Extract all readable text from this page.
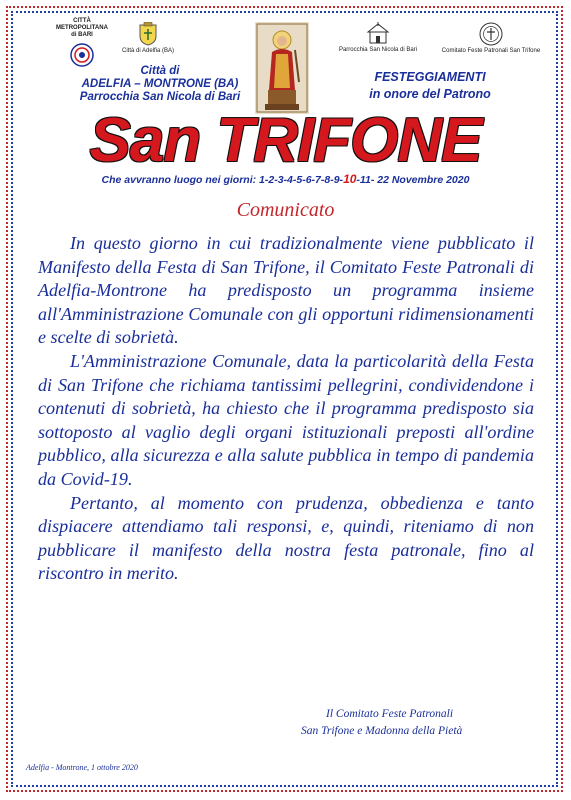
CITTÀ
METROPOLITANA
di BARI
Città di Adelfia (BA)	Parrocchia San Nicola di Bari	Comitato Feste Patronali San Trifone
Città di
ADELFIA – MONTRONE (BA)
Parrocchia San Nicola di Bari
FESTEGGIAMENTI
in onore del Patrono
San TRIFONE
Che avvranno luogo nei giorni: 1-2-3-4-5-6-7-8-9-10-11- 22 Novembre 2020
Comunicato

In questo giorno in cui tradizionalmente viene pubblicato il Manifesto della Festa di San Trifone, il Comitato Feste Patronali di Adelfia-Montrone ha predisposto un programma insieme all'Amministrazione Comunale con gli opportuni ridimensionamenti e scelte di sobrietà.

L'Amministrazione Comunale, data la particolarità della Festa di San Trifone che richiama tantissimi pellegrini, condividendone i contenuti di sobrietà, ha chiesto che il programma predisposto sia sottoposto al vaglio degli organi istituzionali preposti all'ordine pubblico, alla sicurezza e alla salute pubblica in tempo di pandemia da Covid-19.

Pertanto, al momento con prudenza, obbedienza e tanto dispiacere attendiamo tali responsi, e, quindi, riteniamo di non pubblicare il manifesto della nostra festa patronale, fino al riscontro in merito.

Il Comitato Feste Patronali
San Trifone e Madonna della Pietà
Adelfia - Montrone, 1 ottobre 2020
